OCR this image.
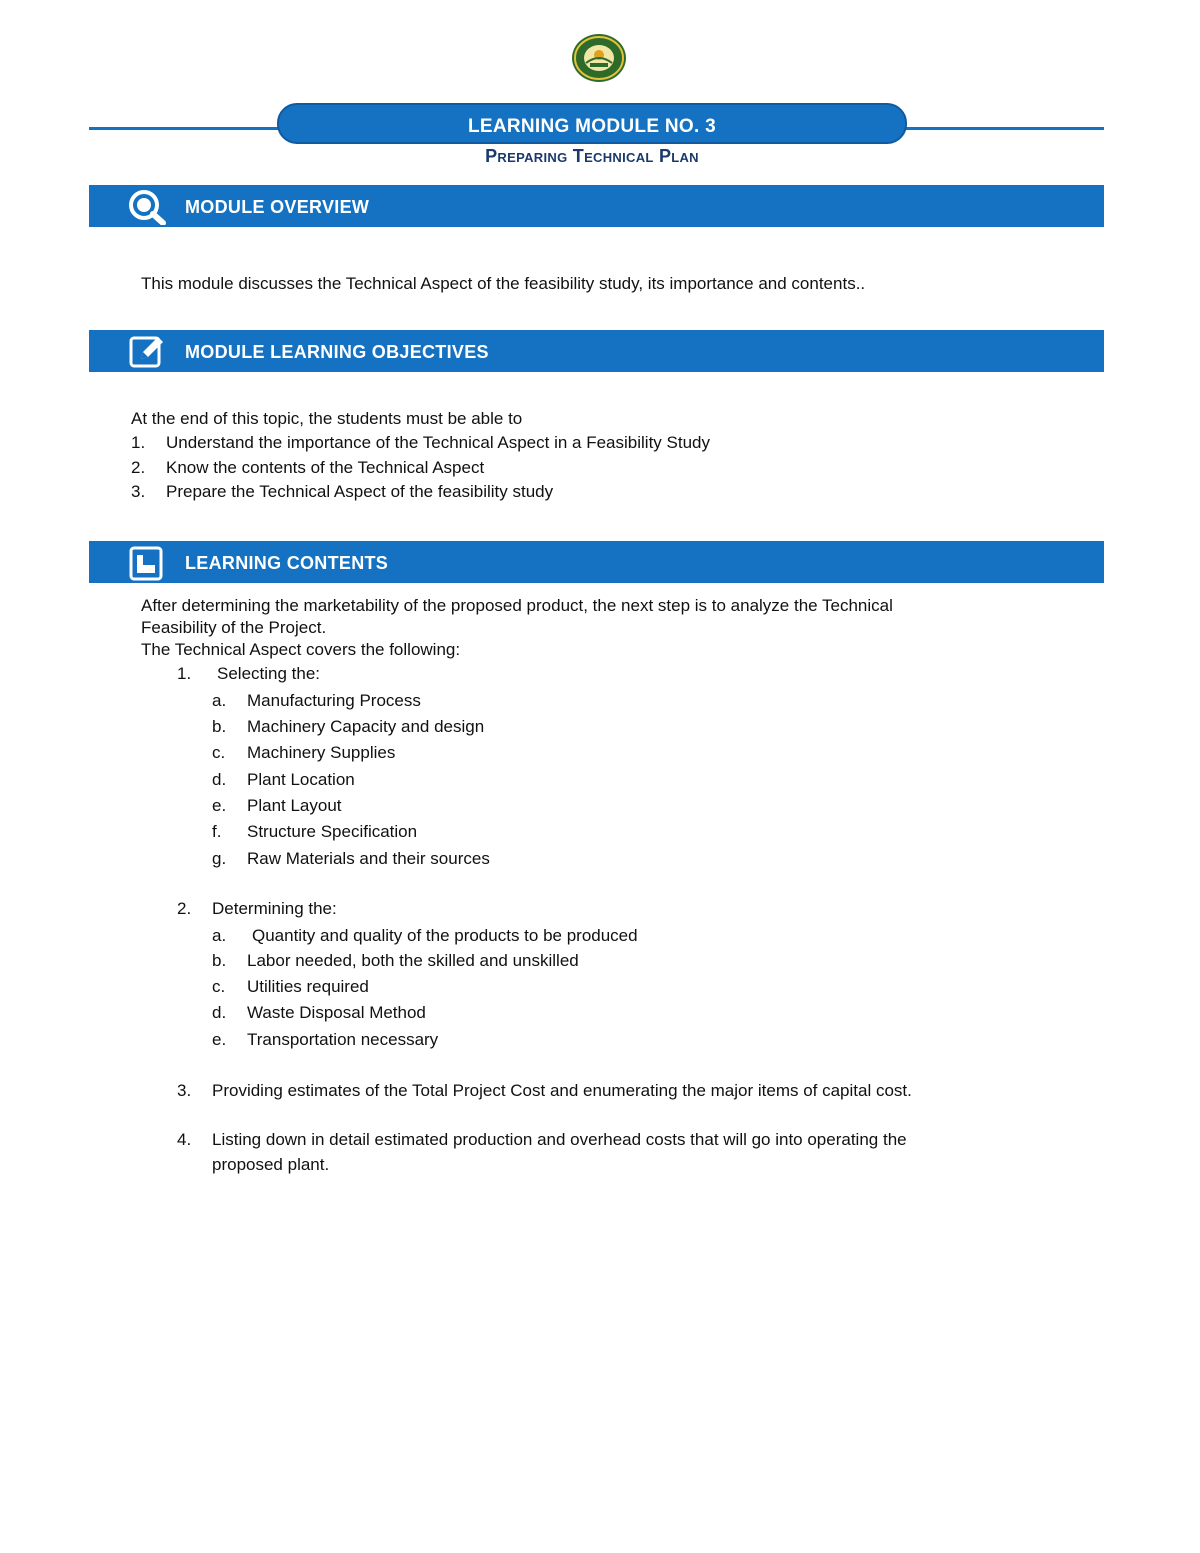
LEARNING MODULE NO. 3
Preparing Technical Plan
MODULE OVERVIEW
This module discusses the Technical Aspect of the feasibility study, its importance and contents..
MODULE LEARNING OBJECTIVES
At the end of this topic, the students must be able to
1. Understand the importance of the Technical Aspect in a Feasibility Study
2. Know the contents of the Technical Aspect
3. Prepare the Technical Aspect of the feasibility study
LEARNING CONTENTS
After determining the marketability of the proposed product, the next step is to analyze the Technical
Feasibility of the Project.
The Technical Aspect covers the following:
1. Selecting the:
a. Manufacturing Process
b. Machinery Capacity and design
c. Machinery Supplies
d. Plant Location
e. Plant Layout
f. Structure Specification
g. Raw Materials and their sources
2. Determining the:
a. Quantity and quality of the products to be produced
b. Labor needed, both the skilled and unskilled
c. Utilities required
d. Waste Disposal Method
e. Transportation necessary
3. Providing estimates of the Total Project Cost and enumerating the major items of capital cost.
4. Listing down in detail estimated production and overhead costs that will go into operating the
proposed plant.
